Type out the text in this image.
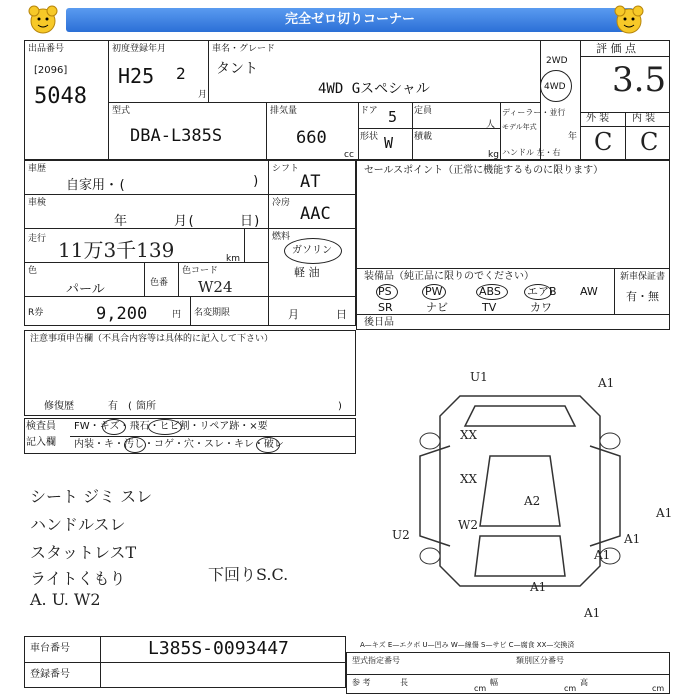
完全ゼロ切りコーナー
出品番号
[2096]
5048
初度登録年月
H25 2
月
車名・グレード
タント
4WD Gスペシャル
2WD
4WD
評 価 点
3.5
外 装 内 装
C C
型式
DBA-L385S
排気量
660
cc
ドア 5
形状 W
定員
人
積載
kg
ディーラー・並行
モデル年式
年
ハンドル 左・右
車歴
自家用・(	)
シフト
AT
車検
年	月(	日)
冷房
AAC
走行 11万3千139	km
燃料
ガソリン
軽 油
色
パール	色番
色コード
W24
R券	9,200	円 名変期限	月	日
セールスポイント（正常に機能するものに限ります）
装備品（純正品に限りのでください）	新車保証書
有・無
PS	PW	ABS エアB AW
SR	ナビ	TV	カワ
後日品
注意事項申告欄（不具合内容等は具体的に記入して下さい）
修復歴	有 ( 箇所	)
検査員
記入欄
FW・キズ・飛石・ヒビ割・リペア跡・×要
内装・キ・汚し・コゲ・穴・スレ・キレ・破レ
シート ジミ スレ
ハンドルスレ
スタットレスT
ライトくもり
A. U. W2
下回りS.C.
U1	A1
XX
XX
A2
A1
A1
W2
U2
A1
A1
A1
A—キズ E—エクボ U—凹み W—線傷 S—サビ C—腐食 XX—交換済
車台番号	L385S-0093447
登録番号
型式指定番号	類別区分番号
参 考	長
cm
幅
cm
高
cm
